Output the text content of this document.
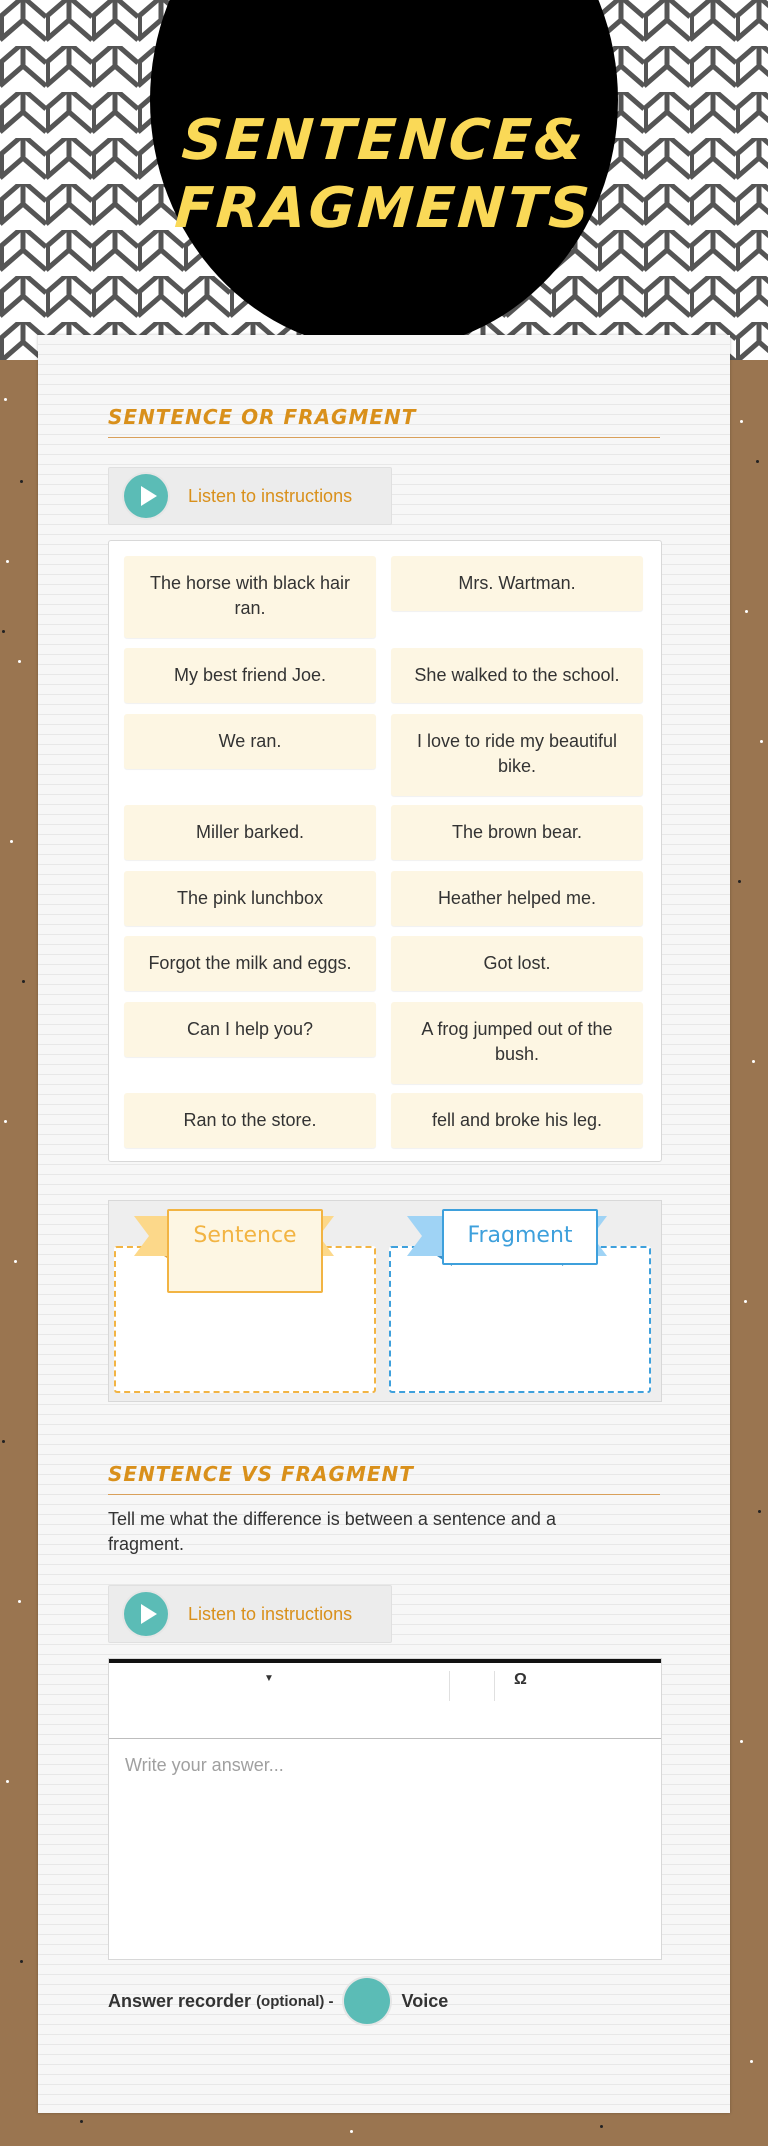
SENTENCE&
FRAGMENTS
SENTENCE OR FRAGMENT
Listen to instructions
The horse with black hair ran.
Mrs. Wartman.
My best friend Joe.	She walked to the school.
We ran.	I love to ride my beautiful bike.
Miller barked.	The brown bear.
The pink lunchbox	Heather helped me.
Forgot the milk and eggs.	Got lost.
Can I help you?	A frog jumped out of the bush.
Ran to the store.	fell and broke his leg.
Sentence	Fragment
SENTENCE VS FRAGMENT
Tell me what the difference is between a sentence and a fragment.
Listen to instructions
▼	Ω
Write your answer...
Answer recorder (optional) -	Voice
